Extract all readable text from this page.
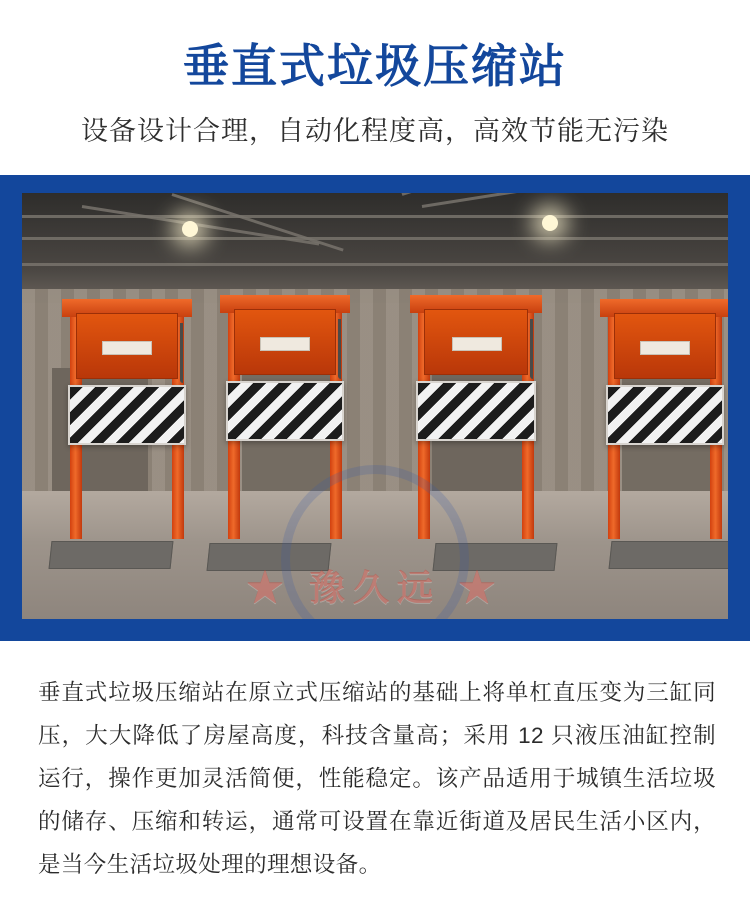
垂直式垃圾压缩站

设备设计合理，自动化程度高，高效节能无污染

★ 豫久远 ★
垂直式垃圾压缩站在原立式压缩站的基础上将单杠直压变为三缸同压，大大降低了房屋高度，科技含量高；采用 12 只液压油缸控制运行，操作更加灵活简便，性能稳定。该产品适用于城镇生活垃圾的储存、压缩和转运，通常可设置在靠近街道及居民生活小区内，是当今生活垃圾处理的理想设备。
